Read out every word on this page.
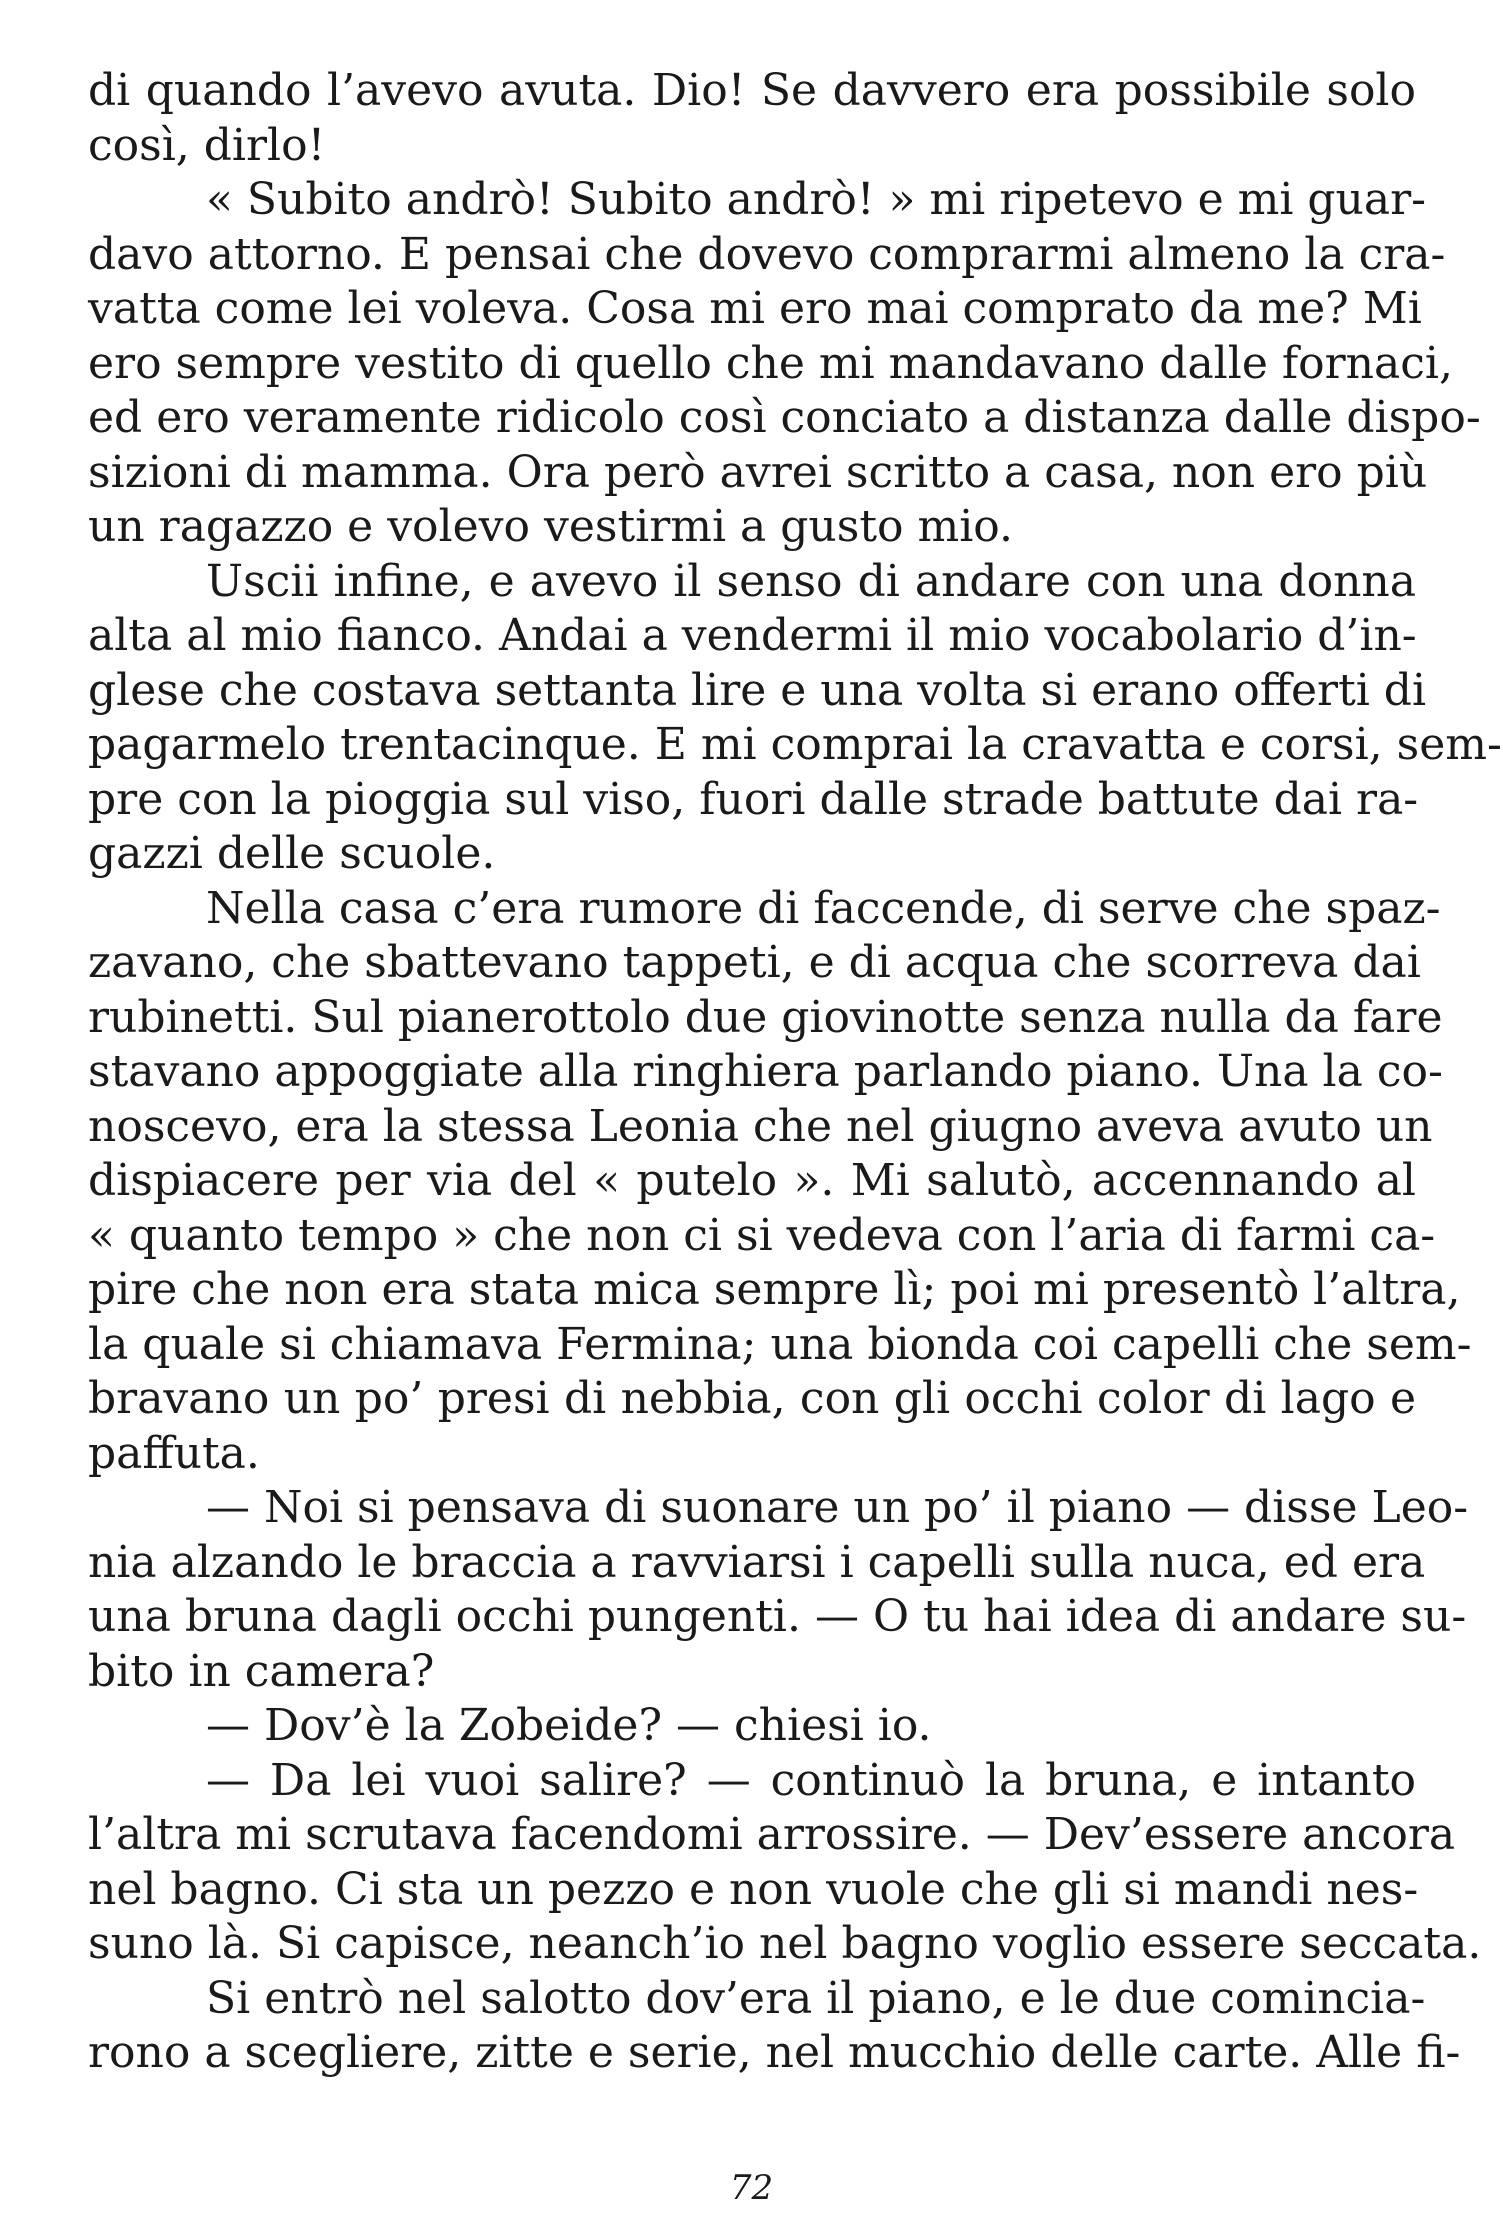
di quando l’avevo avuta. Dio! Se davvero era possibile solo
così, dirlo!
« Subito andrò! Subito andrò! » mi ripetevo e mi guar-
davo attorno. E pensai che dovevo comprarmi almeno la cra-
vatta come lei voleva. Cosa mi ero mai comprato da me? Mi
ero sempre vestito di quello che mi mandavano dalle fornaci,
ed ero veramente ridicolo così conciato a distanza dalle dispo-
sizioni di mamma. Ora però avrei scritto a casa, non ero più
un ragazzo e volevo vestirmi a gusto mio.
Uscii infine, e avevo il senso di andare con una donna
alta al mio fianco. Andai a vendermi il mio vocabolario d’in-
glese che costava settanta lire e una volta si erano offerti di
pagarmelo trentacinque. E mi comprai la cravatta e corsi, sem-
pre con la pioggia sul viso, fuori dalle strade battute dai ra-
gazzi delle scuole.
Nella casa c’era rumore di faccende, di serve che spaz-
zavano, che sbattevano tappeti, e di acqua che scorreva dai
rubinetti. Sul pianerottolo due giovinotte senza nulla da fare
stavano appoggiate alla ringhiera parlando piano. Una la co-
noscevo, era la stessa Leonia che nel giugno aveva avuto un
dispiacere per via del « putelo ». Mi salutò, accennando al
« quanto tempo » che non ci si vedeva con l’aria di farmi ca-
pire che non era stata mica sempre lì; poi mi presentò l’altra,
la quale si chiamava Fermina; una bionda coi capelli che sem-
bravano un po’ presi di nebbia, con gli occhi color di lago e
paffuta.
— Noi si pensava di suonare un po’ il piano — disse Leo-
nia alzando le braccia a ravviarsi i capelli sulla nuca, ed era
una bruna dagli occhi pungenti. — O tu hai idea di andare su-
bito in camera?
— Dov’è la Zobeide? — chiesi io.
— Da lei vuoi salire? — continuò la bruna, e intanto
l’altra mi scrutava facendomi arrossire. — Dev’essere ancora
nel bagno. Ci sta un pezzo e non vuole che gli si mandi nes-
suno là. Si capisce, neanch’io nel bagno voglio essere seccata.
Si entrò nel salotto dov’era il piano, e le due comincia-
rono a scegliere, zitte e serie, nel mucchio delle carte. Alle fi-
72
